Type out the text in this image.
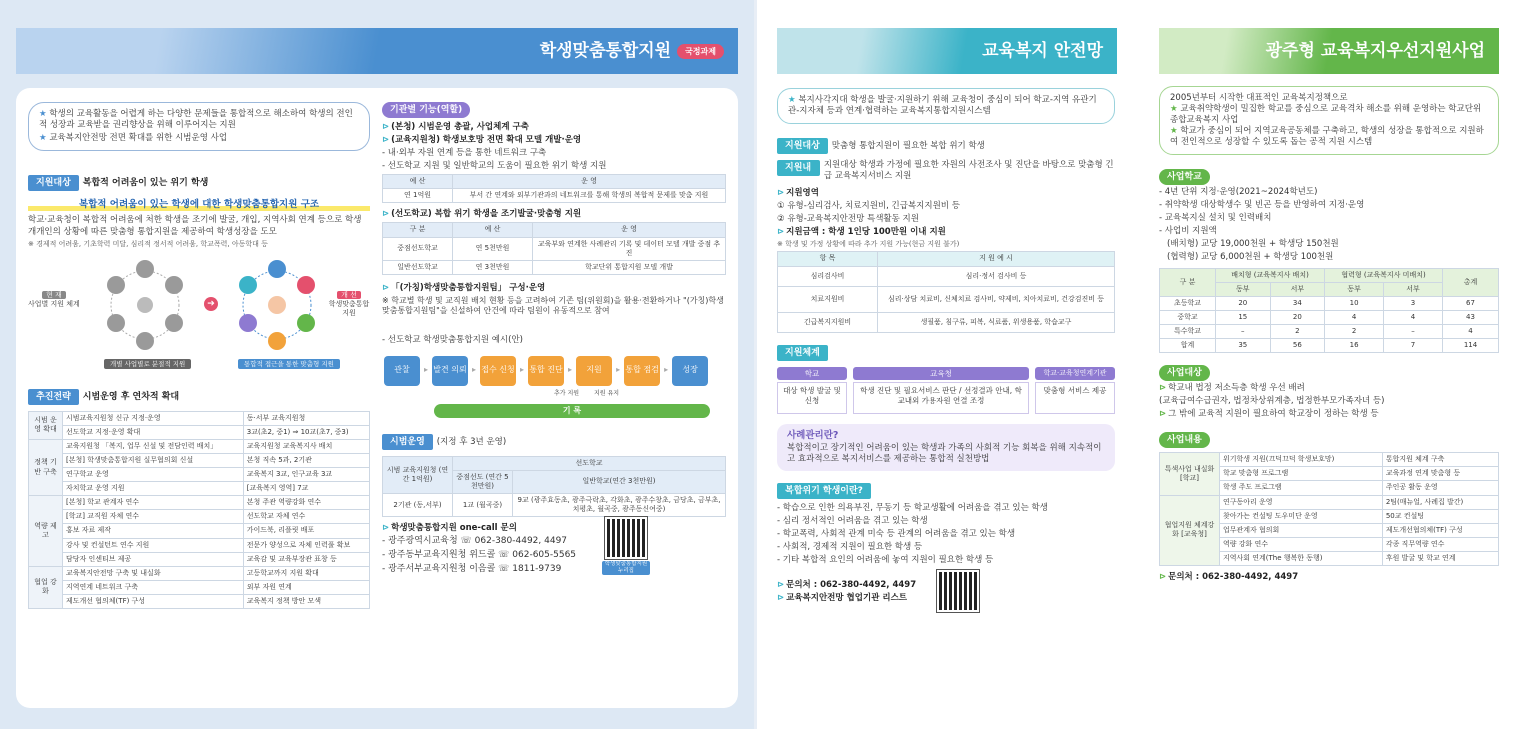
학생맞춤통합지원 국정과제
★ 학생의 교육활동을 어렵게 하는 다양한 문제들을 통합적으로 해소하여 학생의 전인적 성장과 교육받을 권리향상을 위해 이루어지는 지원
★ 교육복지안전망 전면 확대를 위한 시범운영 사업
지원대상 복합적 어려움이 있는 위기 학생
복합적 어려움이 있는 학생에 대한 학생맞춤통합지원 구조
학교·교육청이 복합적 어려움에 처한 학생을 조기에 발굴, 개입, 지역사회 연계 등으로 학생 개개인의 상황에 따른 맞춤형 통합지원을 제공하여 학생성장을 도모
※ 경제적 어려움, 기초학력 미달, 심리적 정서적 어려움, 학교폭력, 아동학대 등
현 재
사업별 지원 체계	➔
개 선
학생맞춤통합지원
개별 사업별로 분절적 지원	통합적 접근을 통한 맞춤형 지원
추진전략 시범운영 후 연차적 확대
시범 운영 확대	시범교육지원청 신규 지정·운영	동·서부 교육지원청
	선도학교 지정·운영 확대	3교(초2, 중1) ⇒ 10교(초7, 중3)
정책 기반 구축	교육지원청 「복지, 업무 신설 및 전담인력 배치」	교육지원청 교육복지사 배치
	[본청] 학생맞춤통합지원 실무협의회 신설	본청 직속 5과, 2기관
	연구학교 운영	교육복지 3교, 인구교육 3교
	자치학교 운영 지원	[교육복지 영역] 7교
역량 제고	[본청] 학교 관계자 연수	본청 주관 역량강화 연수
	[학교] 교직원 자체 연수	선도학교 자체 연수
	홍보 자료 제작	가이드북, 리플릿 배포
	강사 및 컨설턴트 연수 지원	전문가 양성으로 자체 인력풀 확보
	담당자 인센티브 제공	교육감 및 교육부장관 표창 등
협업 강화	교육복지안전망 구축 및 내실화	고등학교까지 지원 확대
	지역연계 네트워크 구축	외부 자원 연계
	제도개선 협의체(TF) 구성	교육복지 정책 방안 모색
기관별 기능(역할)
⊳ (본청) 시범운영 총괄, 사업체계 구축
⊳ (교육지원청) 학생보호망 전면 확대 모델 개발·운영
- 내·외부 자원 연계 등을 통한 네트워크 구축
- 선도학교 지원 및 일반학교의 도움이 필요한 위기 학생 지원
예 산	운 영
연 1억원	부서 간 연계와 외부기관과의 네트워크를 통해 학생의 복합적 문제를 맞춤 지원
⊳ (선도학교) 복합 위기 학생을 조기발굴·맞춤형 지원
구 분	예 산	운 영
중점선도학교	연 5천만원	교육부와 연계한 사례관리 기록 및 데이터 모델 개발 중점 추진
일반선도학교	연 3천만원	학교단위 통합지원 모델 개발
⊳ 「(가칭)학생맞춤통합지원팀」 구성·운영
※ 학교별 학생 및 교직원 배치 현황 등을 고려하여 기존 팀(위원회)을 활용·전환하거나 "(가칭)학생맞춤통합지원팀"을 신설하여 안건에 따라 팀원이 유동적으로 참여
- 선도학교 학생맞춤통합지원 예시(안)
관찰	▸ 발견 의뢰 ▸ 접수 신청 ▸ 통합 진단 ▸	지원	▸ 통합 점검 ▸	성장
추가 지원 지원 유지
기 록
시범운영 (지정 후 3년 운영)
시범 교육지원청 (연간 1억원)	선도학교	
	중점선도 (연간 5천만원)	일반학교(연간 3천만원)
2기관 (동,서부)	1교 (월곡중)	9교 (광주효동초, 광주극락초, 각화초, 광주수창초, 금당초, 금부초, 치평초, 월곡중, 광주동신여중)
⊳ 학생맞춤통합지원 one-call 문의
- 광주광역시교육청 ☏ 062-380-4492, 4497
- 광주동부교육지원청 위드콜 ☏ 062-605-5565
- 광주서부교육지원청 이음콜 ☏ 1811-9739	학생맞춤통합지원 누리집
교육복지 안전망
★ 복지사각지대 학생을 발굴·지원하기 위해 교육청이 중심이 되어 학교-지역 유관기관-지자체 등과 연계·협력하는 교육복지통합지원시스템
지원대상 맞춤형 통합지원이 필요한 복합 위기 학생
지원내용
지원대상 학생과 가정에 필요한 자원의 사전조사 및 진단을 바탕으로 맞춤형 긴급 교육복지서비스 지원
⊳ 지원영역
① 유형-심리검사, 치료지원비, 긴급복지지원비 등
② 유형-교육복지안전망 특색활동 지원
⊳ 지원금액 : 학생 1인당 100만원 이내 지원
※ 학생 및 가정 상황에 따라 추가 지원 가능(현금 지원 불가)
항 목	지 원 예 시
심리검사비	심리·정서 검사비 등
치료지원비	심리·상담 치료비, 신체치료 검사비, 약제비, 치아치료비, 건강검진비 등
긴급복지지원비	생필품, 침구류, 피복, 식료품, 위생용품, 학습교구
지원체계
학교
대상 학생 발굴 및 신청
교육청
학생 진단 및 필요서비스 판단 / 선정결과 안내, 학교내외 가용자원 연결 조정
학교·교육청연계기관
맞춤형 서비스 제공
사례관리란?
복합적이고 장기적인 어려움이 있는 학생과 가족의 사회적 기능 회복을 위해 지속적이고 효과적으로 복지서비스를 제공하는 통합적 실천방법
복합위기 학생이란?
- 학습으로 인한 의욕부진, 무동기 등 학교생활에 어려움을 겪고 있는 학생
- 심리 정서적인 어려움을 겪고 있는 학생
- 학교폭력, 사회적 관계 미숙 등 관계의 어려움을 겪고 있는 학생
- 사회적, 경제적 지원이 필요한 학생 등
- 기타 복합적 요인의 어려움에 놓여 지원이 필요한 학생 등
⊳ 문의처 : 062-380-4492, 4497
⊳ 교육복지안전망 협업기관 리스트
광주형 교육복지우선지원사업
2005년부터 시작한 대표적인 교육복지정책으로
★ 교육취약학생이 밀집한 학교를 중심으로 교육격차 해소를 위해 운영하는 학교단위 종합교육복지 사업
★ 학교가 중심이 되어 지역교육공동체를 구축하고, 학생의 성장을 통합적으로 지원하여 전인적으로 성장할 수 있도록 돕는 공적 지원 시스템
사업학교
- 4년 단위 지정·운영(2021~2024학년도)
- 취약학생 대상학생수 및 빈곤 등을 반영하여 지정·운영
- 교육복지실 설치 및 인력배치
- 사업비 지원액
(배치형) 교당 19,000천원 + 학생당 150천원
(협력형) 교당 6,000천원 + 학생당 100천원
구 분	배치형 (교육복지사 배치)		협력형 (교육복지사 미배치)		총계
	동부	서부	동부	서부	
초등학교	20	34	10	3	67
중학교	15	20	4	4	43
특수학교	–	2	2	–	4
합계	35	56	16	7	114
사업대상
⊳ 학교내 법정 저소득층 학생 우선 배려
(교육급여수급권자, 법정차상위계층, 법정한부모가족자녀 등)
⊳ 그 밖에 교육적 지원이 필요하여 학교장이 정하는 학생 등
사업내용
특색사업 내실화 [학교]	위기학생 지원(끄덕끄덕 학생보호망)	통합지원 체계 구축
	학교 맞춤형 프로그램	교육과정 연계 맞춤형 등
	학생 주도 프로그램	주인공 활동 운영
협업지원 체계강화 [교육청]	연구동아리 운영	2팀(매뉴얼, 사례집 발간)
	찾아가는 컨설팅 도우미단 운영	50교 컨설팅
	업무관계자 협의회	제도개선협의체(TF) 구성
	역량 강화 연수	각종 직무역량 연수
	지역사회 연계(The 행복한 동행)	후원 발굴 및 학교 연계
⊳ 문의처 : 062-380-4492, 4497
